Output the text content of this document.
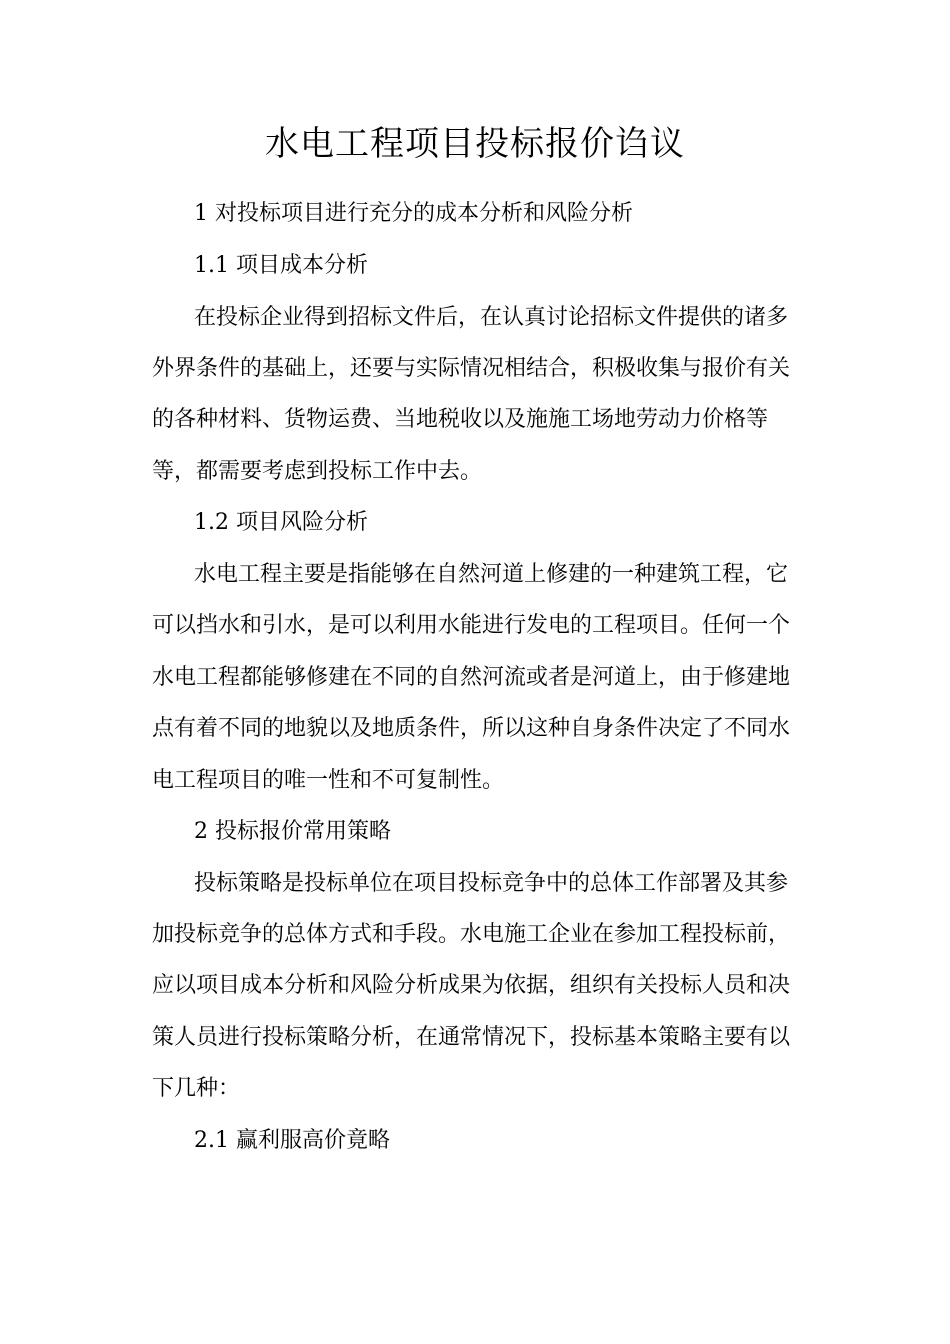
水电工程项目投标报价诌议
1 对投标项目进行充分的成本分析和风险分析
1.1 项目成本分析
在投标企业得到招标文件后，在认真讨论招标文件提供的诸多
外界条件的基础上，还要与实际情况相结合，积极收集与报价有关
的各种材料、货物运费、当地税收以及施施工场地劳动力价格等
等，都需要考虑到投标工作中去。
1.2 项目风险分析
水电工程主要是指能够在自然河道上修建的一种建筑工程，它
可以挡水和引水，是可以利用水能进行发电的工程项目。任何一个
水电工程都能够修建在不同的自然河流或者是河道上，由于修建地
点有着不同的地貌以及地质条件，所以这种自身条件决定了不同水
电工程项目的唯一性和不可复制性。
2 投标报价常用策略
投标策略是投标单位在项目投标竞争中的总体工作部署及其参
加投标竞争的总体方式和手段。水电施工企业在参加工程投标前，
应以项目成本分析和风险分析成果为依据，组织有关投标人员和决
策人员进行投标策略分析，在通常情况下，投标基本策略主要有以
下几种：
2.1 赢利服高价竟略
